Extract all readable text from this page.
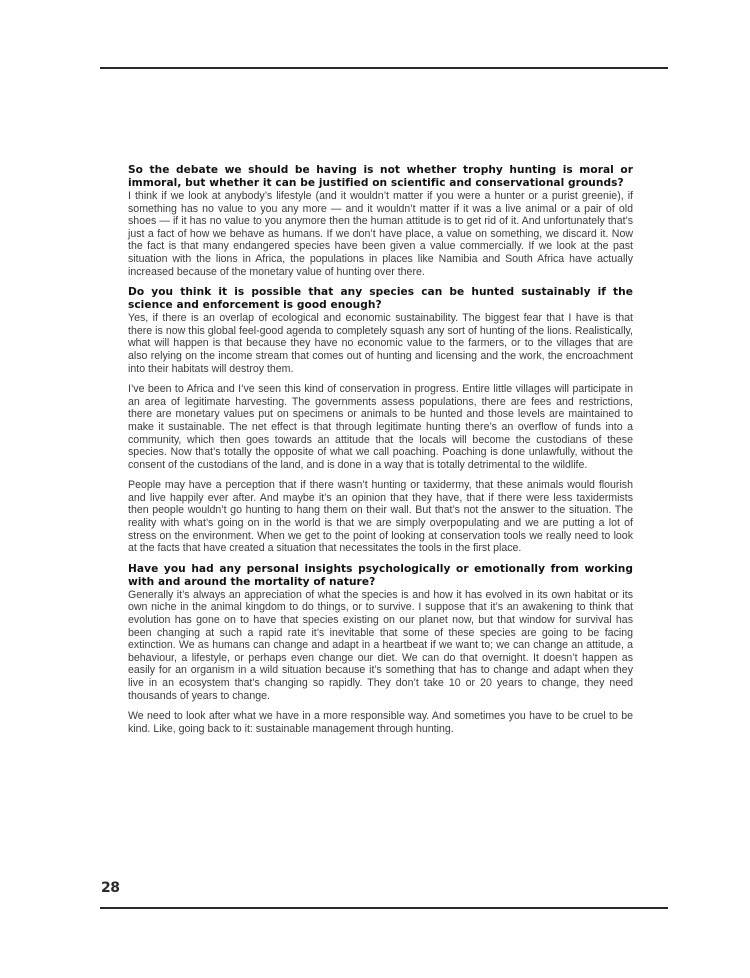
So the debate we should be having is not whether trophy hunting is moral or immoral, but whether it can be justified on scientific and conservational grounds?

I think if we look at anybody’s lifestyle (and it wouldn’t matter if you were a hunter or a purist greenie), if something has no value to you any more — and it wouldn’t matter if it was a live animal or a pair of old shoes — if it has no value to you anymore then the human attitude is to get rid of it. And unfortunately that’s just a fact of how we behave as humans. If we don’t have place, a value on something, we discard it. Now the fact is that many endangered species have been given a value commercially. If we look at the past situation with the lions in Africa, the populations in places like Namibia and South Africa have actually increased because of the monetary value of hunting over there.

Do you think it is possible that any species can be hunted sustainably if the science and enforcement is good enough?

Yes, if there is an overlap of ecological and economic sustainability. The biggest fear that I have is that there is now this global feel-good agenda to completely squash any sort of hunting of the lions. Realistically, what will happen is that because they have no economic value to the farmers, or to the villages that are also relying on the income stream that comes out of hunting and licensing and the work, the encroachment into their habitats will destroy them.

I’ve been to Africa and I’ve seen this kind of conservation in progress. Entire little villages will participate in an area of legitimate harvesting. The governments assess populations, there are fees and restrictions, there are monetary values put on specimens or animals to be hunted and those levels are maintained to make it sustainable. The net effect is that through legitimate hunting there’s an overflow of funds into a community, which then goes towards an attitude that the locals will become the custodians of these species. Now that’s totally the opposite of what we call poaching. Poaching is done unlawfully, without the consent of the custodians of the land, and is done in a way that is totally detrimental to the wildlife.

People may have a perception that if there wasn’t hunting or taxidermy, that these animals would flourish and live happily ever after. And maybe it’s an opinion that they have, that if there were less taxidermists then people wouldn’t go hunting to hang them on their wall. But that’s not the answer to the situation. The reality with what’s going on in the world is that we are simply overpopulating and we are putting a lot of stress on the environment. When we get to the point of looking at conservation tools we really need to look at the facts that have created a situation that necessitates the tools in the first place.

Have you had any personal insights psychologically or emotionally from working with and around the mortality of nature?

Generally it’s always an appreciation of what the species is and how it has evolved in its own habitat or its own niche in the animal kingdom to do things, or to survive. I suppose that it’s an awakening to think that evolution has gone on to have that species existing on our planet now, but that window for survival has been changing at such a rapid rate it’s inevitable that some of these species are going to be facing extinction. We as humans can change and adapt in a heartbeat if we want to; we can change an attitude, a behaviour, a lifestyle, or perhaps even change our diet. We can do that overnight. It doesn’t happen as easily for an organism in a wild situation because it’s something that has to change and adapt when they live in an ecosystem that’s changing so rapidly. They don’t take 10 or 20 years to change, they need thousands of years to change.

We need to look after what we have in a more responsible way. And sometimes you have to be cruel to be kind. Like, going back to it: sustainable management through hunting.

28
